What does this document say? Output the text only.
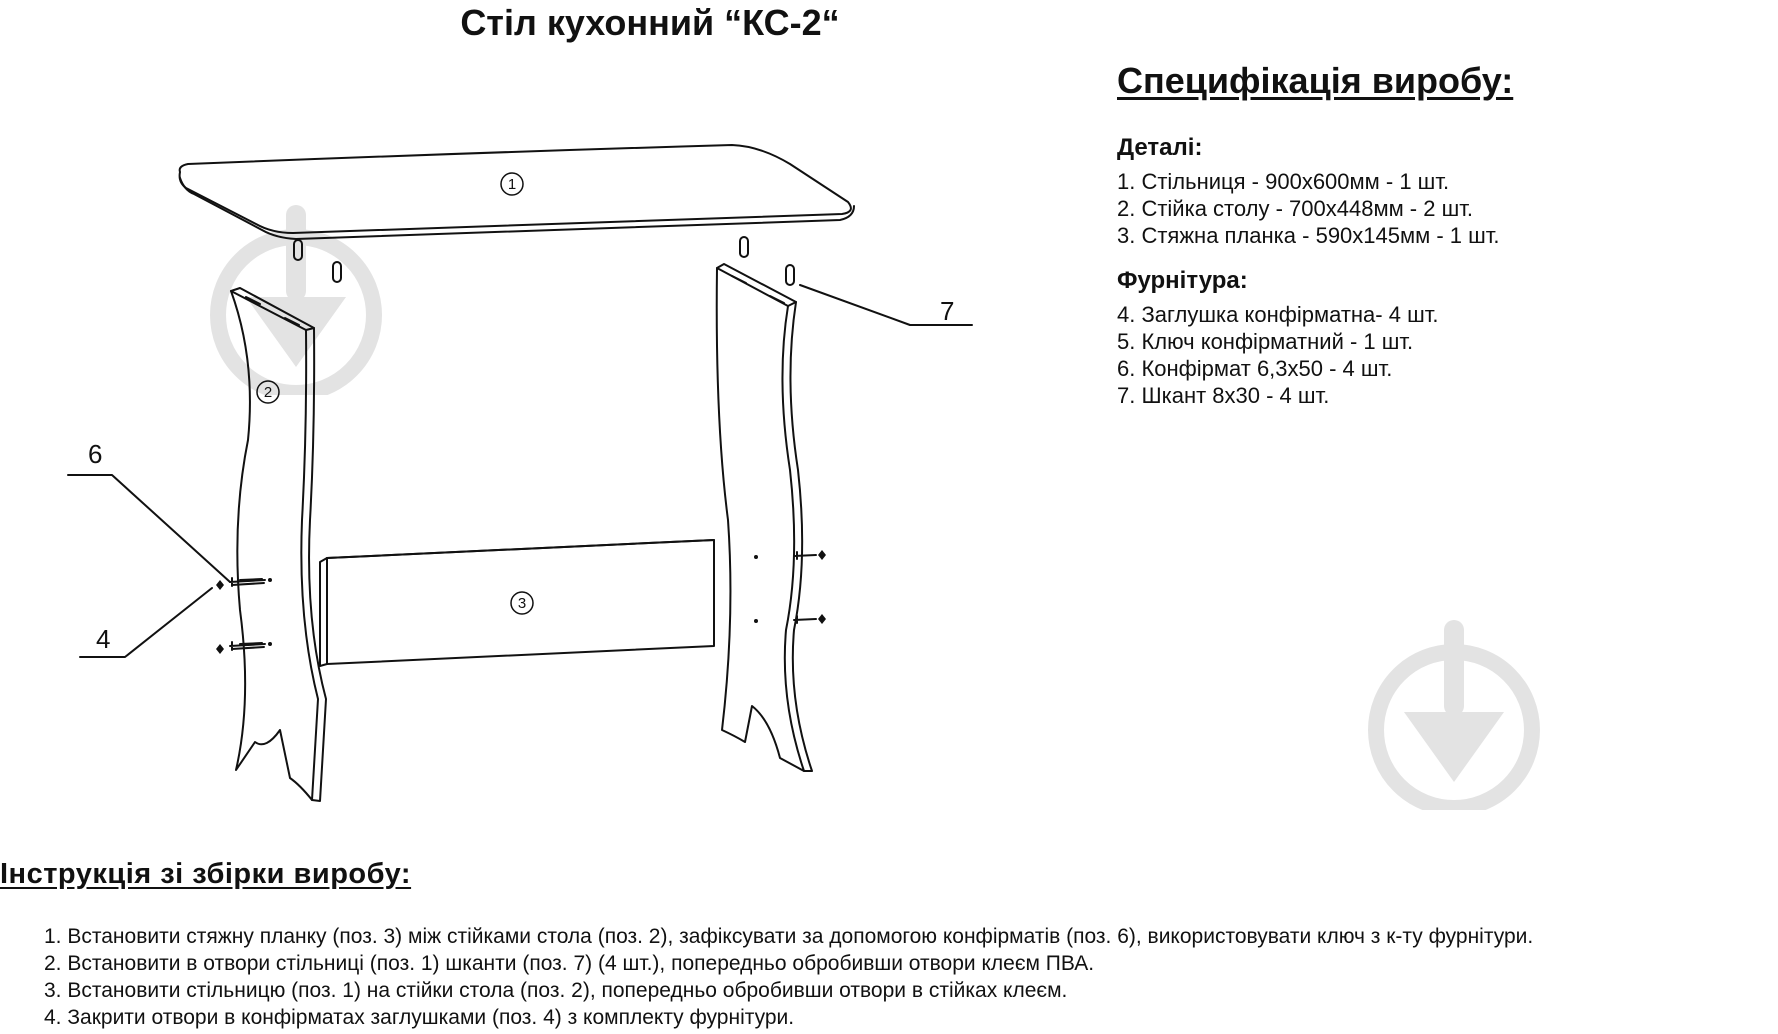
Стіл кухонний “КС-2“
1
2
3
6
4
7

Специфікація виробу:

Деталі:

1. Стільниця - 900х600мм - 1 шт.

2. Стійка столу - 700х448мм - 2 шт.

3. Стяжна планка - 590х145мм - 1 шт.

Фурнітура:

4. Заглушка конфірматна- 4 шт.

5. Ключ конфірматний - 1 шт.

6. Конфірмат 6,3х50 - 4 шт.

7. Шкант 8х30 - 4 шт.

Інструкція зі збірки виробу:

1. Встановити стяжну планку (поз. 3) між стійками стола (поз. 2), зафіксувати за допомогою конфірматів (поз. 6), використовувати ключ з к-ту фурнітури.
2. Встановити в отвори стільниці (поз. 1) шканти (поз. 7) (4 шт.), попередньо обробивши отвори клеєм ПВА.
3. Встановити стільницю (поз. 1) на стійки стола (поз. 2), попередньо обробивши отвори в стійках клеєм.
4. Закрити отвори в конфірматах заглушками (поз. 4) з комплекту фурнітури.
